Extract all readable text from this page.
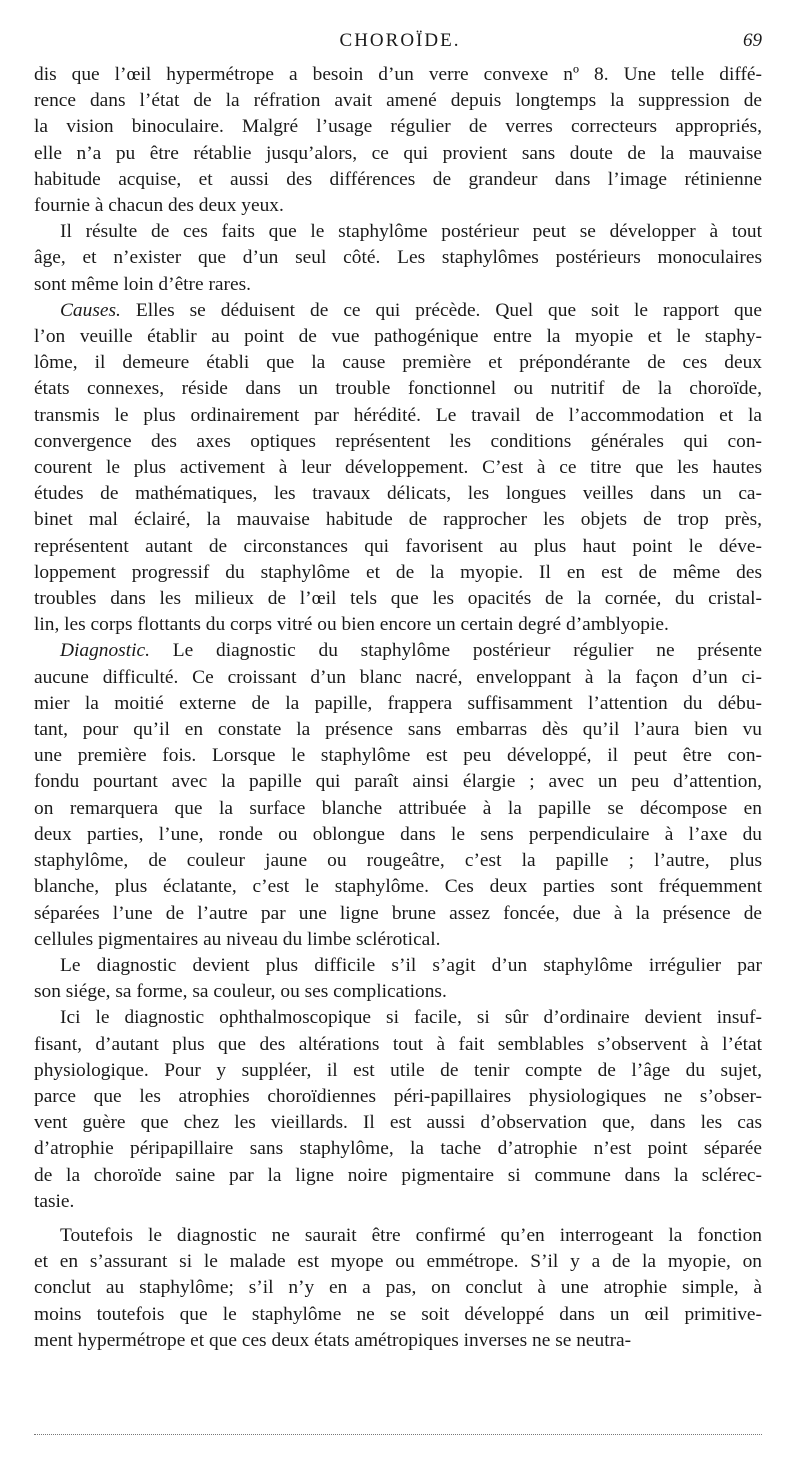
CHOROÏDE.	69

dis que l’œil hypermétrope a besoin d’un verre convexe nº 8. Une telle diffé-
rence dans l’état de la réfration avait amené depuis longtemps la suppression de
la vision binoculaire. Malgré l’usage régulier de verres correcteurs appropriés,
elle n’a pu être rétablie jusqu’alors, ce qui provient sans doute de la mauvaise
habitude acquise, et aussi des différences de grandeur dans l’image rétinienne
fournie à chacun des deux yeux.

Il résulte de ces faits que le staphylôme postérieur peut se développer à tout
âge, et n’exister que d’un seul côté. Les staphylômes postérieurs monoculaires
sont même loin d’être rares.

Causes. Elles se déduisent de ce qui précède. Quel que soit le rapport que
l’on veuille établir au point de vue pathogénique entre la myopie et le staphy-
lôme, il demeure établi que la cause première et prépondérante de ces deux
états connexes, réside dans un trouble fonctionnel ou nutritif de la choroïde,
transmis le plus ordinairement par hérédité. Le travail de l’accommodation et la
convergence des axes optiques représentent les conditions générales qui con-
courent le plus activement à leur développement. C’est à ce titre que les hautes
études de mathématiques, les travaux délicats, les longues veilles dans un ca-
binet mal éclairé, la mauvaise habitude de rapprocher les objets de trop près,
représentent autant de circonstances qui favorisent au plus haut point le déve-
loppement progressif du staphylôme et de la myopie. Il en est de même des
troubles dans les milieux de l’œil tels que les opacités de la cornée, du cristal-
lin, les corps flottants du corps vitré ou bien encore un certain degré d’amblyopie.

Diagnostic. Le diagnostic du staphylôme postérieur régulier ne présente
aucune difficulté. Ce croissant d’un blanc nacré, enveloppant à la façon d’un ci-
mier la moitié externe de la papille, frappera suffisamment l’attention du débu-
tant, pour qu’il en constate la présence sans embarras dès qu’il l’aura bien vu
une première fois. Lorsque le staphylôme est peu développé, il peut être con-
fondu pourtant avec la papille qui paraît ainsi élargie ; avec un peu d’attention,
on remarquera que la surface blanche attribuée à la papille se décompose en
deux parties, l’une, ronde ou oblongue dans le sens perpendiculaire à l’axe du
staphylôme, de couleur jaune ou rougeâtre, c’est la papille ; l’autre, plus
blanche, plus éclatante, c’est le staphylôme. Ces deux parties sont fréquemment
séparées l’une de l’autre par une ligne brune assez foncée, due à la présence de
cellules pigmentaires au niveau du limbe sclérotical.

Le diagnostic devient plus difficile s’il s’agit d’un staphylôme irrégulier par
son siége, sa forme, sa couleur, ou ses complications.

Ici le diagnostic ophthalmoscopique si facile, si sûr d’ordinaire devient insuf-
fisant, d’autant plus que des altérations tout à fait semblables s’observent à l’état
physiologique. Pour y suppléer, il est utile de tenir compte de l’âge du sujet,
parce que les atrophies choroïdiennes péri-papillaires physiologiques ne s’obser-
vent guère que chez les vieillards. Il est aussi d’observation que, dans les cas
d’atrophie péripapillaire sans staphylôme, la tache d’atrophie n’est point séparée
de la choroïde saine par la ligne noire pigmentaire si commune dans la sclérec-
tasie.

Toutefois le diagnostic ne saurait être confirmé qu’en interrogeant la fonction
et en s’assurant si le malade est myope ou emmétrope. S’il y a de la myopie, on
conclut au staphylôme; s’il n’y en a pas, on conclut à une atrophie simple, à
moins toutefois que le staphylôme ne se soit développé dans un œil primitive-
ment hypermétrope et que ces deux états amétropiques inverses ne se neutra-
